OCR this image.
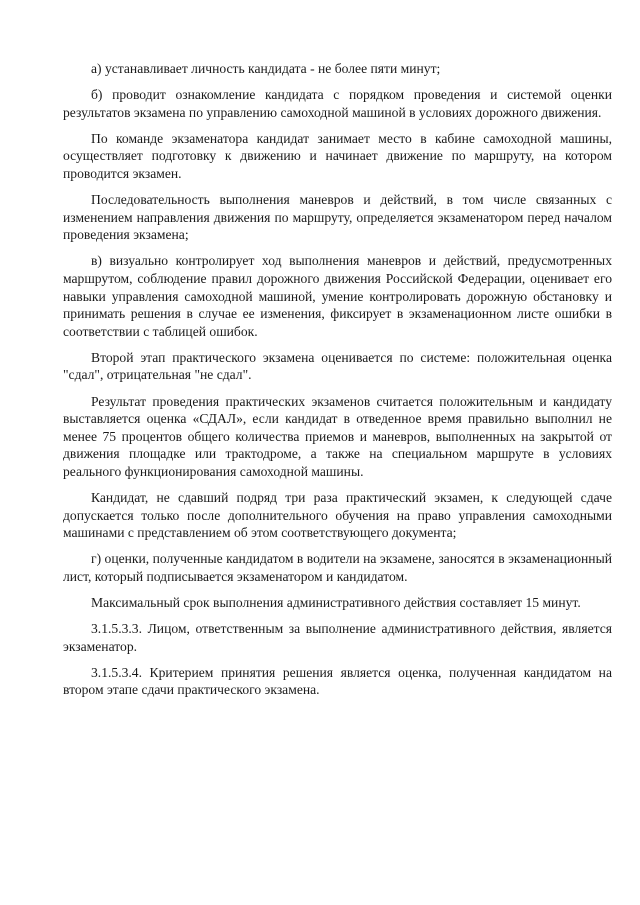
а) устанавливает личность кандидата - не более пяти минут;

б) проводит ознакомление кандидата с порядком проведения и системой оценки результатов экзамена по управлению самоходной машиной в условиях дорожного движения.

По команде экзаменатора кандидат занимает место в кабине самоходной машины, осуществляет подготовку к движению и начинает движение по маршруту, на котором проводится экзамен.

Последовательность выполнения маневров и действий, в том числе связанных с изменением направления движения по маршруту, определяется экзаменатором перед началом проведения экзамена;

в) визуально контролирует ход выполнения маневров и действий, предусмотренных маршрутом, соблюдение правил дорожного движения Российской Федерации, оценивает его навыки управления самоходной машиной, умение контролировать дорожную обстановку и принимать решения в случае ее изменения, фиксирует в экзаменационном листе ошибки в соответствии с таблицей ошибок.

Второй этап практического экзамена оценивается по системе: положительная оценка "сдал", отрицательная "не сдал".

Результат проведения практических экзаменов считается положительным и кандидату выставляется оценка «СДАЛ», если кандидат в отведенное время правильно выполнил не менее 75 процентов общего количества приемов и маневров, выполненных на закрытой от движения площадке или трактодроме, а также на специальном маршруте в условиях реального функционирования самоходной машины.

Кандидат, не сдавший подряд три раза практический экзамен, к следующей сдаче допускается только после дополнительного обучения на право управления самоходными машинами с представлением об этом соответствующего документа;

г) оценки, полученные кандидатом в водители на экзамене, заносятся в экзаменационный лист, который подписывается экзаменатором и кандидатом.

Максимальный срок выполнения административного действия составляет 15 минут.

3.1.5.3.3. Лицом, ответственным за выполнение административного действия, является экзаменатор.

3.1.5.3.4. Критерием принятия решения является оценка, полученная кандидатом на втором этапе сдачи практического экзамена.
